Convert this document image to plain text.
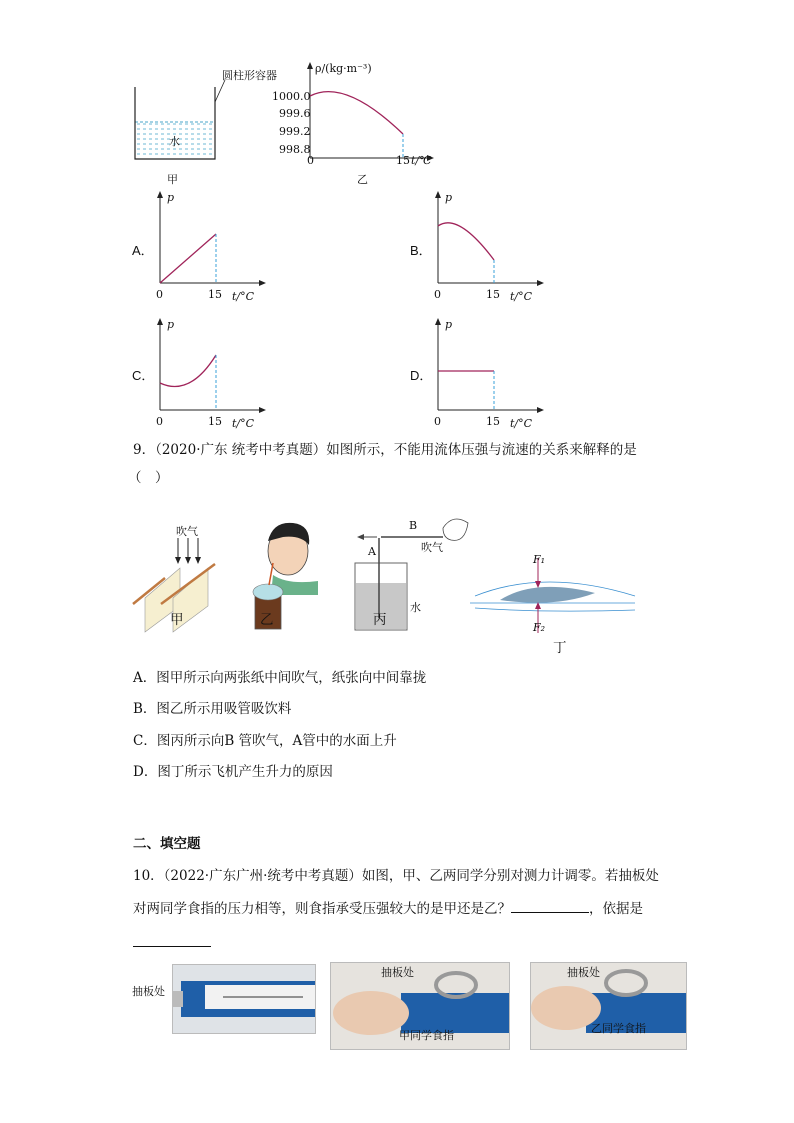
圆柱形容器
水
甲
ρ/(kg·m⁻³)
1000.0
999.6
999.2
998.8
0	15 t/℃
乙
A．
p
0	15 t/°C
B．
p
0	15 t/°C
C．
p
0	15 t/°C
D．
p
0	15 t/°C
9．（2020·广东 统考中考真题）如图所示，不能用流体压强与流速的关系来解释的是
（　）
吹气
甲	乙
B
A	吹气
水
丙
F₁
F₂
丁
A．图甲所示向两张纸中间吹气，纸张向中间靠拢
B．图乙所示用吸管吸饮料
C．图丙所示向B 管吹气，A管中的水面上升
D．图丁所示飞机产生升力的原因
二、填空题
10．（2022·广东广州·统考中考真题）如图，甲、乙两同学分别对测力计调零。若抽板处
对两同学食指的压力相等，则食指承受压强较大的是甲还是乙？	，依据是
抽板处
抽板处
甲同学食指
抽板处
乙同学食指
